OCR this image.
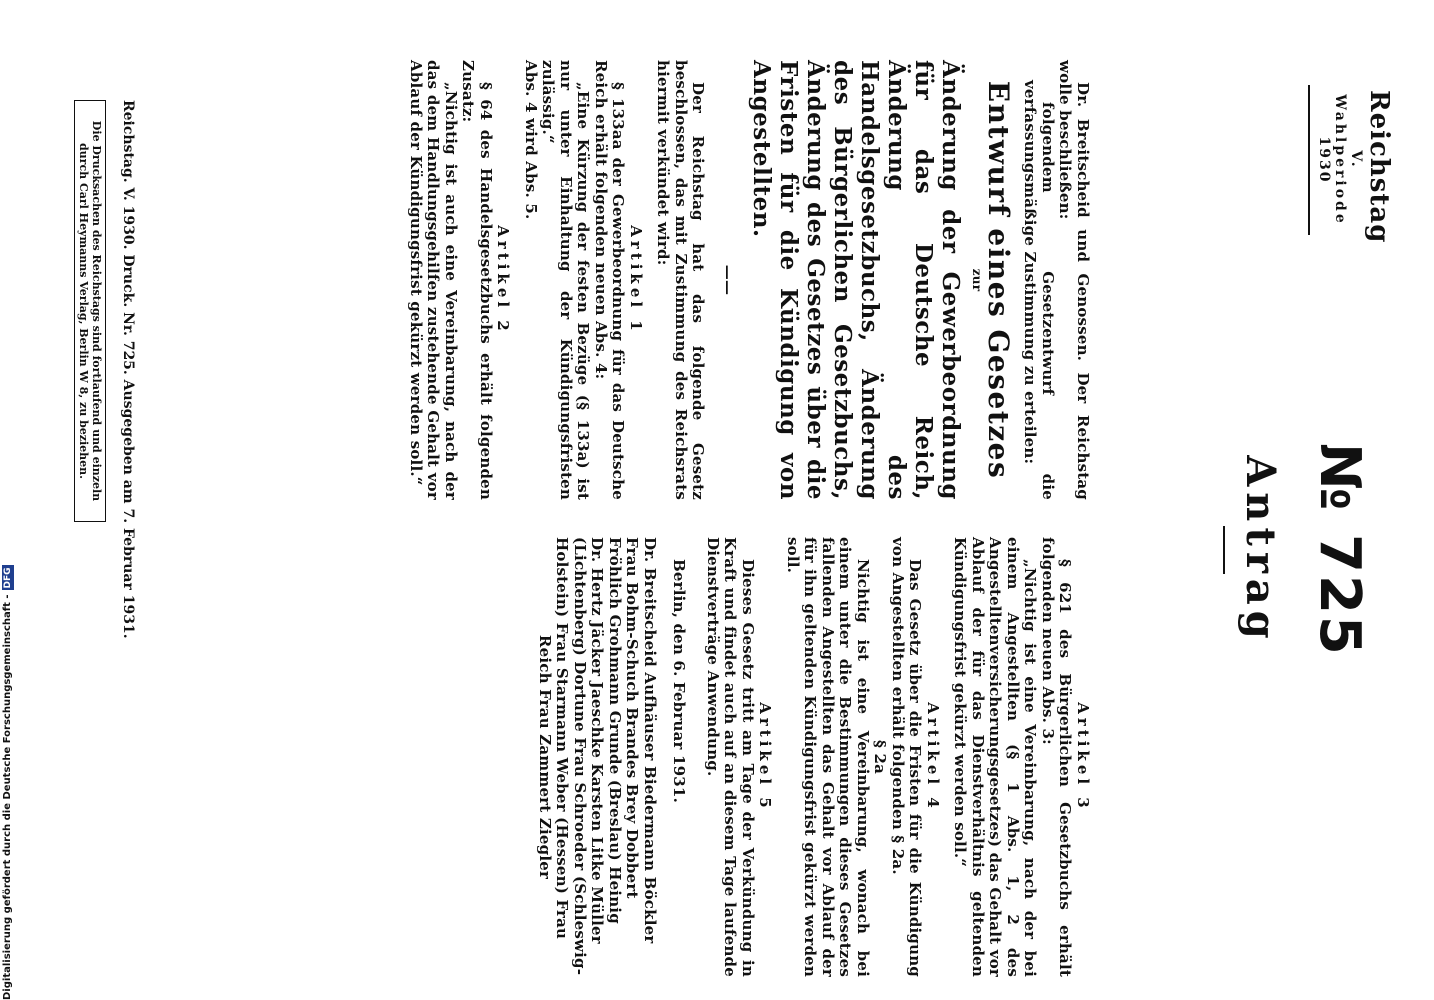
Reichstag
V. Wahlperiode
1930
№ 725
Antrag

Dr. Breitscheid und Genossen. Der Reichstag wolle beschließen:

folgendem Gesetzentwurf die verfassungsmäßige Zustimmung zu erteilen:

Entwurf eines Gesetzes

zur

Änderung der Gewerbeordnung für das Deutsche Reich, Änderung des Handelsgesetzbuchs, Änderung des Bürgerlichen Gesetzbuchs, Änderung des Gesetzes über die Fristen für die Kündigung von Angestellten.

——

Der Reichstag hat das folgende Gesetz beschlossen, das mit Zustimmung des Reichsrats hiermit verkündet wird:

Artikel 1

§ 133aa der Gewerbeordnung für das Deutsche Reich erhält folgenden neuen Abs. 4:

„Eine Kürzung der festen Bezüge (§ 133a) ist nur unter Einhaltung der Kündigungsfristen zulässig.“

Abs. 4 wird Abs. 5.

Artikel 2

§ 64 des Handelsgesetzbuchs erhält folgenden Zusatz:

„Nichtig ist auch eine Vereinbarung, nach der das dem Handlungsgehilfen zustehende Gehalt vor Ablauf der Kündigungsfrist gekürzt werden soll.“

Artikel 3

§ 621 des Bürgerlichen Gesetzbuchs erhält folgenden neuen Abs. 3:

„Nichtig ist eine Vereinbarung, nach der bei einem Angestellten (§ 1 Abs. 1, 2 des Angestelltenversicherungsgesetzes) das Gehalt vor Ablauf der für das Dienstverhältnis geltenden Kündigungsfrist gekürzt werden soll.“

Artikel 4

Das Gesetz über die Fristen für die Kündigung von Angestellten erhält folgenden § 2a.

§ 2a

Nichtig ist eine Vereinbarung, wonach bei einem unter die Bestimmungen dieses Gesetzes fallenden Angestellten das Gehalt vor Ablauf der für ihn geltenden Kündigungsfrist gekürzt werden soll.

Artikel 5

Dieses Gesetz tritt am Tage der Verkündung in Kraft und findet auch auf an diesem Tage laufende Dienstverträge Anwendung.

Berlin, den 6. Februar 1931.

Dr. Breitscheid Aufhäuser Biedermann Böckler

Frau Bohm-Schuch Brandes Brey Dobbert

Fröhlich Grohmann Grunde (Breslau) Heinig

Dr. Hertz Jäcker Jaeschke Karsten Litke Müller

(Lichtenberg) Dortune Frau Schroeder (Schleswig-

Holstein) Frau Starmann Weber (Hessen) Frau

Reich Frau Zammert Ziegler

Reichstag. V. 1930. Druck. Nr. 725. Ausgegeben am 7. Februar 1931.
Die Drucksachen des Reichstags sind fortlaufend und einzeln durch Carl Heymanns Verlag, Berlin W 8, zu beziehen.
Digitalisierung gefördert durch die Deutsche Forschungsgemeinschaft -DFG
